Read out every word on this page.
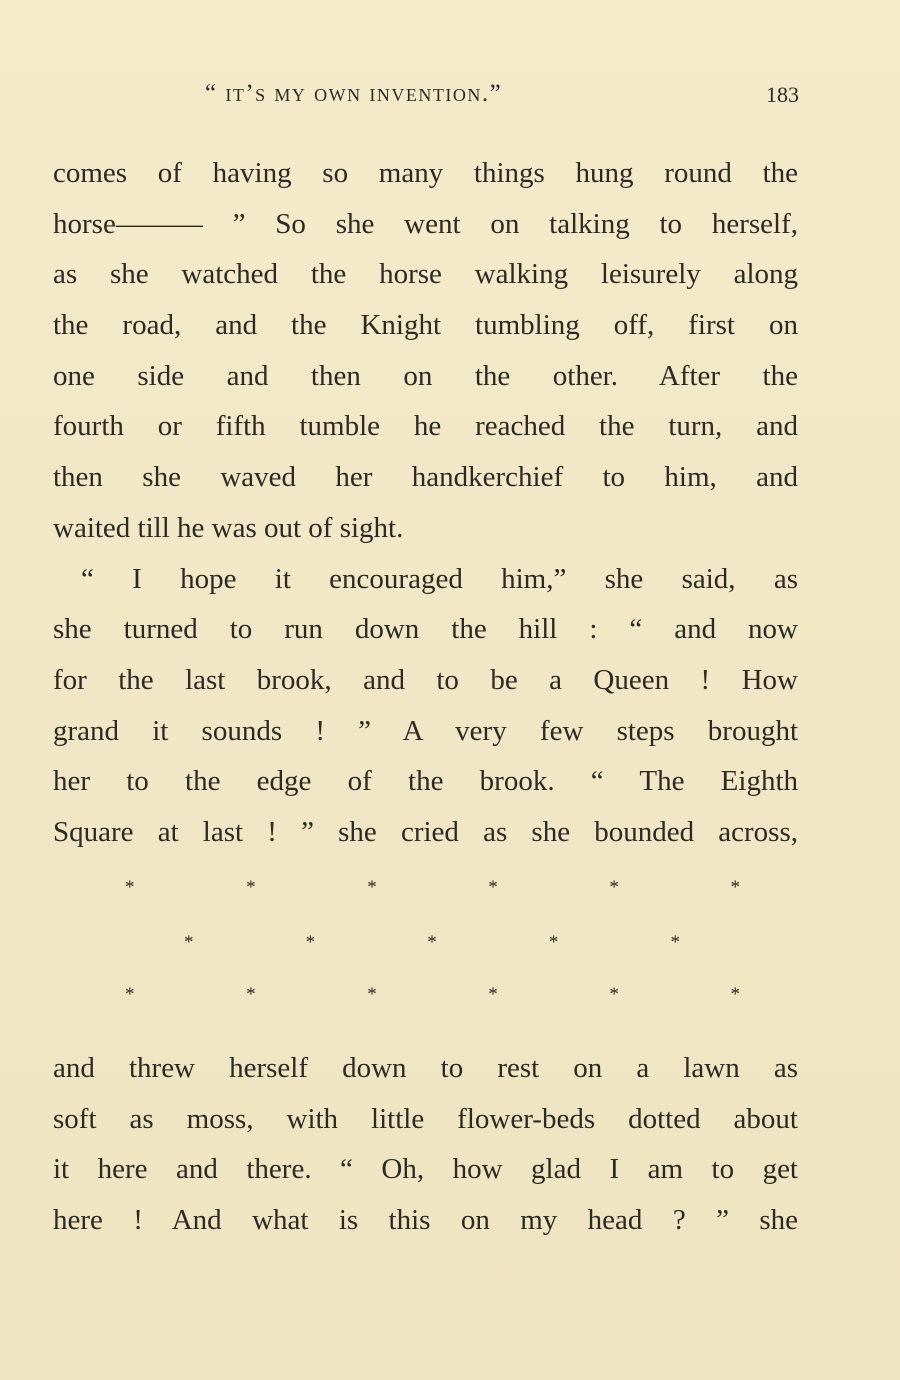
“ it’s my own invention.”	183
comes of having so many things hung round the
horse——— ” So she went on talking to herself,
as she watched the horse walking leisurely along
the road, and the Knight tumbling off, first on
one side and then on the other. After the
fourth or fifth tumble he reached the turn, and
then she waved her handkerchief to him, and
waited till he was out of sight.
“ I hope it encouraged him,” she said, as
she turned to run down the hill : “ and now
for the last brook, and to be a Queen ! How
grand it sounds ! ” A very few steps brought
her to the edge of the brook. “ The Eighth
Square at last ! ” she cried as she bounded across,
*	*	*	*	*	*
*	*	*	*	*
*	*	*	*	*	*
and threw herself down to rest on a lawn as
soft as moss, with little flower-beds dotted about
it here and there. “ Oh, how glad I am to get
here ! And what is this on my head ? ” she
